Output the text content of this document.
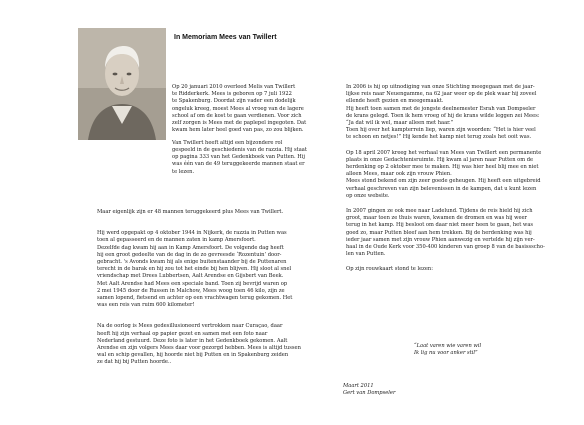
In Memoriam Mees van Twillert

Op 20 januari 2010 overleed Melis van Twillert
te Ridderkerk. Mees is geboren op 7 juli 1922
te Spakenburg. Doordat zijn vader een dodelijk
ongeluk kreeg, moest Mees al vroeg van de lagere
school af om de kost te gaan verdienen. Voor zich
zelf zorgen is Mees met de paplepel ingegoten. Dat
kwam hem later heel goed van pas, zo zou blijken.

Van Twillert heeft altijd een bijzondere rol
gespeeld in de geschiedenis van de razzia. Hij staat
op pagina 333 van het Gedenkboek van Putten. Hij
was één van de 49 teruggekeerde mannen staat er
te lezen.

Maar eigenlijk zijn er 48 mannen teruggekeerd plus Mees van Twillert.

Hij werd opgepakt op 4 oktober 1944 in Nijkerk, de razzia in Putten was
toen al gepasseerd en de mannen zaten in kamp Amersfoort.
Dezelfde dag kwam hij aan in Kamp Amersfoort. De volgende dag heeft
hij een groot gedeelte van de dag in de zo gevreesde ‘Rozentuin’ door-
gebracht. 's Avonds kwam hij als enige buitenstaander bij de Puttenaren
terecht in de barak en hij zou tot het einde bij hen blijven. Hij sloot al snel
vriendschap met Drees Lubbertsen, Aalt Arendse en Gijsbert van Beek.
Met Aalt Arendse had Mees een speciale band. Toen zij bevrijd waren op
2 mei 1945 door de Russen in Malchow, Mees woog toen 46 kilo, zijn ze
samen lopend, fietsend en achter op een vrachtwagen terug gekomen. Het
was een reis van ruim 600 kilometer!

Na de oorlog is Mees gedesillusioneerd vertrokken naar Curaçao, daar
heeft hij zijn verhaal op papier gezet en samen met een foto naar
Nederland gestuurd. Deze foto is later in het Gedenkboek gekomen. Aalt
Arendse en zijn volgers Mees daar voor gezorgd hebben. Mees is altijd tussen
wal en schip gevallen, hij hoorde niet bij Putten en in Spakenburg zeiden
ze dat hij bij Putten hoorde..

In 2006 is hij op uitnodiging van onze Stichting meegegaan met de jaar-
lijkse reis naar Neuengamme, na 62 jaar weer op de plek waar hij zoveel
ellende heeft gezien en meegemaakt.
Hij heeft toen samen met de jongste deelnemester Esrah van Dompseler
de krans gelegd. Toen ik hem vroeg of hij de krans wilde leggen zei Mees:
“Ja dat wil ik wel, maar alleen met haar.”
Toen hij over het kampterrein liep, waren zijn woorden: “Het is hier veel
te schoon en netjes!” Hij kende het kamp niet terug zoals het ooit was.

Op 18 april 2007 kreeg het verhaal van Mees van Twillert een permanente
plaats in onze Gedachtenisruimte. Hij kwam al jaren naar Putten om de
herdenking op 2 oktober mee te maken. Hij was hier heel blij mee en niet
alleen Mees, maar ook zijn vrouw Phien.
Mees stond bekend om zijn zeer goede geheugen. Hij heeft een uitgebreid
verhaal geschreven van zijn belevenissen in de kampen, dat u kunt lezen
op onze website.

In 2007 gingen ze ook mee naar Ladelund. Tijdens de reis hield hij zich
groot, maar toen ze thuis waren, kwamen de dromen en was hij weer
terug in het kamp. Hij besloot om daar niet meer heen te gaan, het was
goed zo, maar Putten bleef aan hem trekken. Bij de herdenking was hij
ieder jaar samen met zijn vrouw Phien aanwezig en vertelde hij zijn ver-
haal in de Oude Kerk voor 350-400 kinderen van groep 8 van de basissscho-
len van Putten.

Op zijn rouwkaart stond te lezen:

“Laat varen wie varen wil
Ik lig nu voor anker stil”
Maart 2011
Gert van Dompseler
